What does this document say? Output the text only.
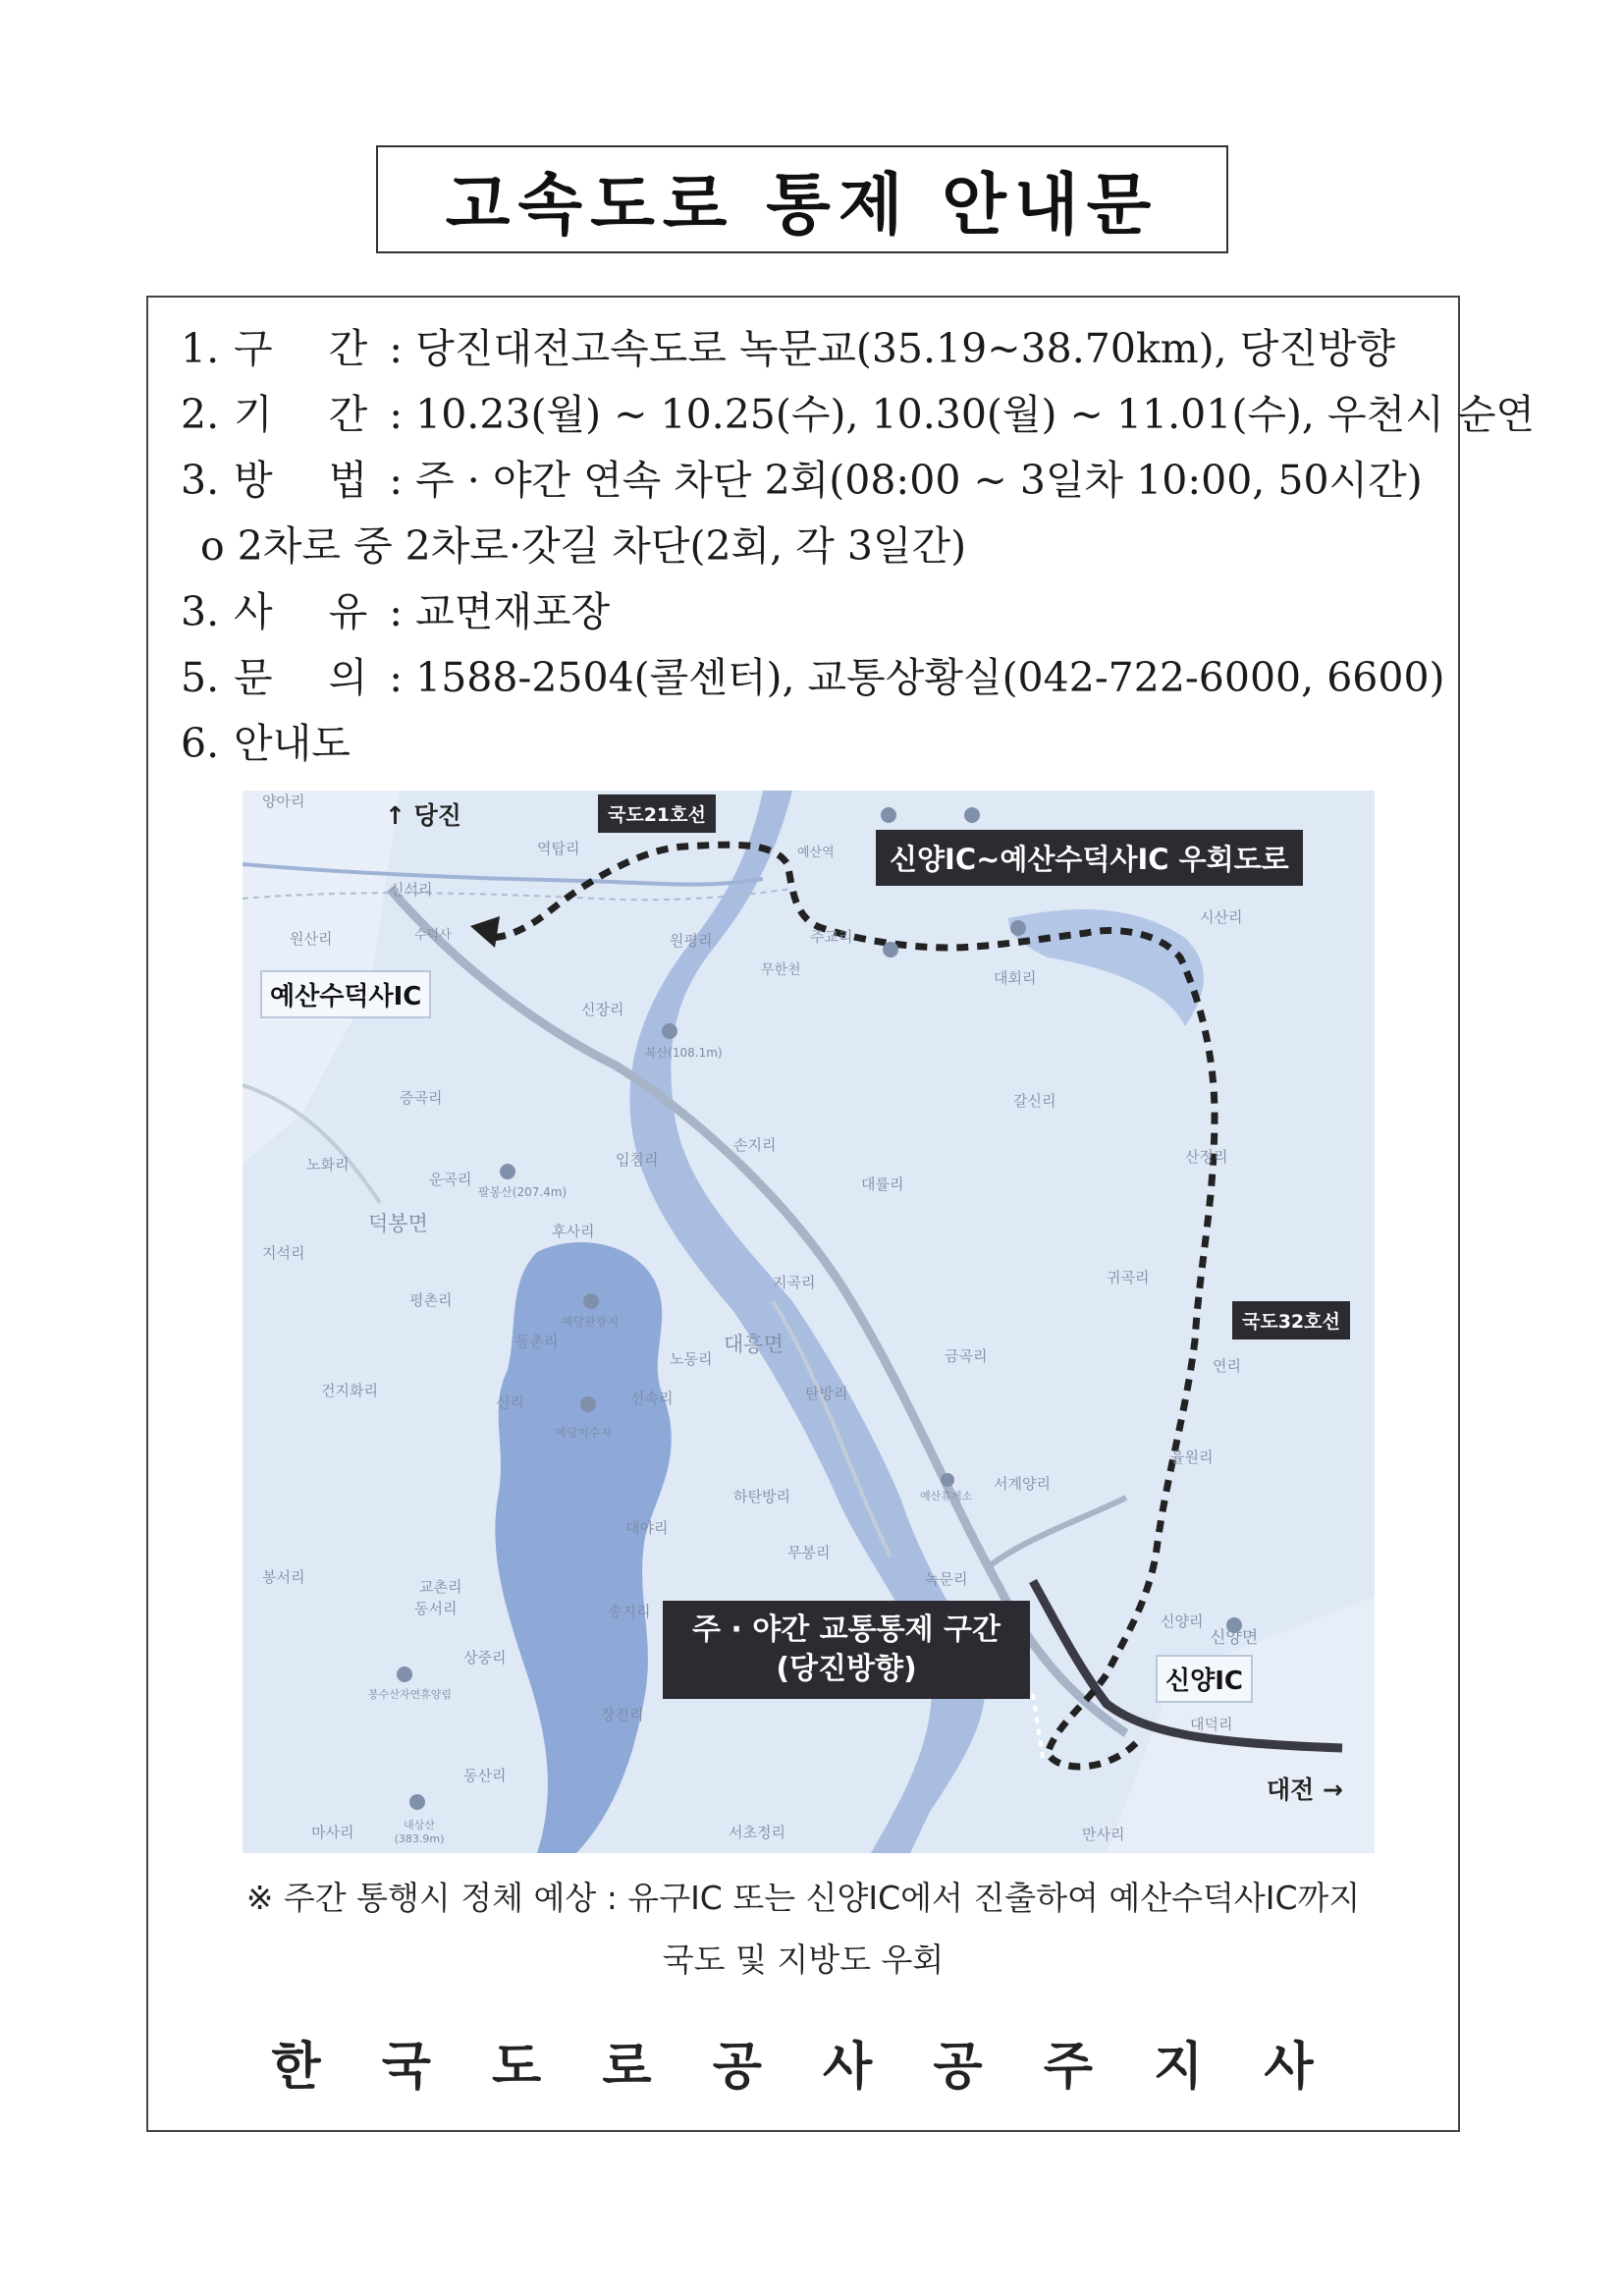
고속도로 통제 안내문
1. 구 간: 당진대전고속도로 녹문교(35.19~38.70km), 당진방향
2. 기 간: 10.23(월) ~ 10.25(수), 10.30(월) ~ 11.01(수), 우천시 순연
3. 방 법: 주 · 야간 연속 차단 2회(08:00 ~ 3일차 10:00, 50시간)
o 2차로 중 2차로·갓길 차단(2회, 각 3일간)
3. 사 유: 교면재포장
5. 문 의: 1588-2504(콜센터), 교통상황실(042-722-6000, 6600)
6. 안내도
양아리
역탑리
신석리
원산리	수덕사
예산역
주교리
무한천
원평리
대회리
시산리
갈신리
산정리
손지리
대률리
귀곡리
연리
복산(108.1m)
증곡리
노화리
운곡리
팔봉산(207.4m)
덕봉면
지석리
후사리
입침리
평촌리
예당관광지
동촌리
노동리
대흥면
지곡리
금곡리
건지화리
신리
예당저수지
선속리	탄방리
하탄방리
서계양리
예산휴게소
율원리
대야리
무봉리
녹문리
봉서리
교촌리
동서리
상중리
송지리
봉수산자연휴양림
장전리
동산리
내상산(383.9m)
마사리	서초정리	만사리
신양리
대덕리
신양면
신장리
↑ 당진
대전 →
국도21호선
신양IC~예산수덕사IC 우회도로
국도32호선
주 · 야간 교통통제 구간
(당진방향)
예산수덕사IC
신양IC
※ 주간 통행시 정체 예상 : 유구IC 또는 신양IC에서 진출하여 예산수덕사IC까지
국도 및 지방도 우회
한 국 도 로 공 사 공 주 지 사
